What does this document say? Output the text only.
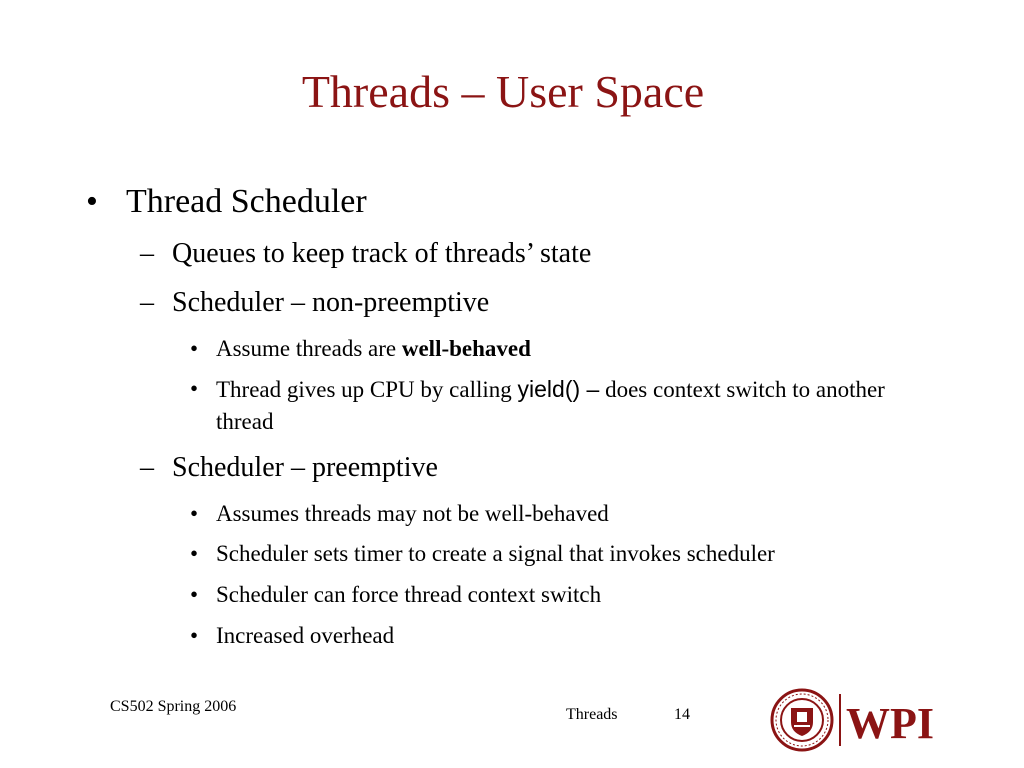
Threads – User Space
• Thread Scheduler
– Queues to keep track of threads’ state
– Scheduler – non-preemptive
• Assume threads are well-behaved
• Thread gives up CPU by calling yield() – does context switch to another thread
– Scheduler – preemptive
• Assumes threads may not be well-behaved
• Scheduler sets timer to create a signal that invokes scheduler
• Scheduler can force thread context switch
• Increased overhead
CS502 Spring 2006	Threads	14	WPI
